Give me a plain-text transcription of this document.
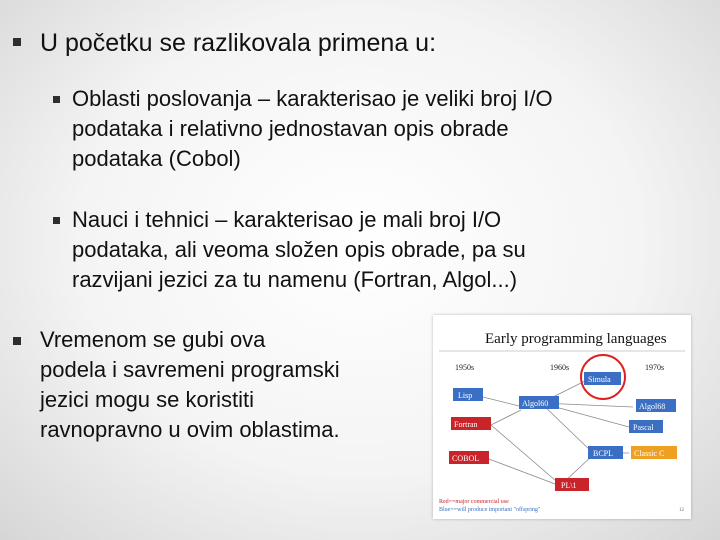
U početku se razlikovala primena u:
Oblasti poslovanja – karakterisao je veliki broj I/O
podataka i relativno jednostavan opis obrade
podataka (Cobol)
Nauci i tehnici – karakterisao je mali broj I/O
podataka, ali veoma složen opis obrade, pa su
razvijani jezici za tu namenu (Fortran, Algol...)
Vremenom se gubi ova
podela i savremeni programski
jezici mogu se koristiti
ravnopravno u ovim oblastima.
Early programming languages
1950s	1960s	1970s
Lisp
Fortran
COBOL
Algol60
Simula
Algol68
Pascal
BCPL	Classic C
PL\1
Red==major commercial use
Blue==will produce important "offspring"	12
